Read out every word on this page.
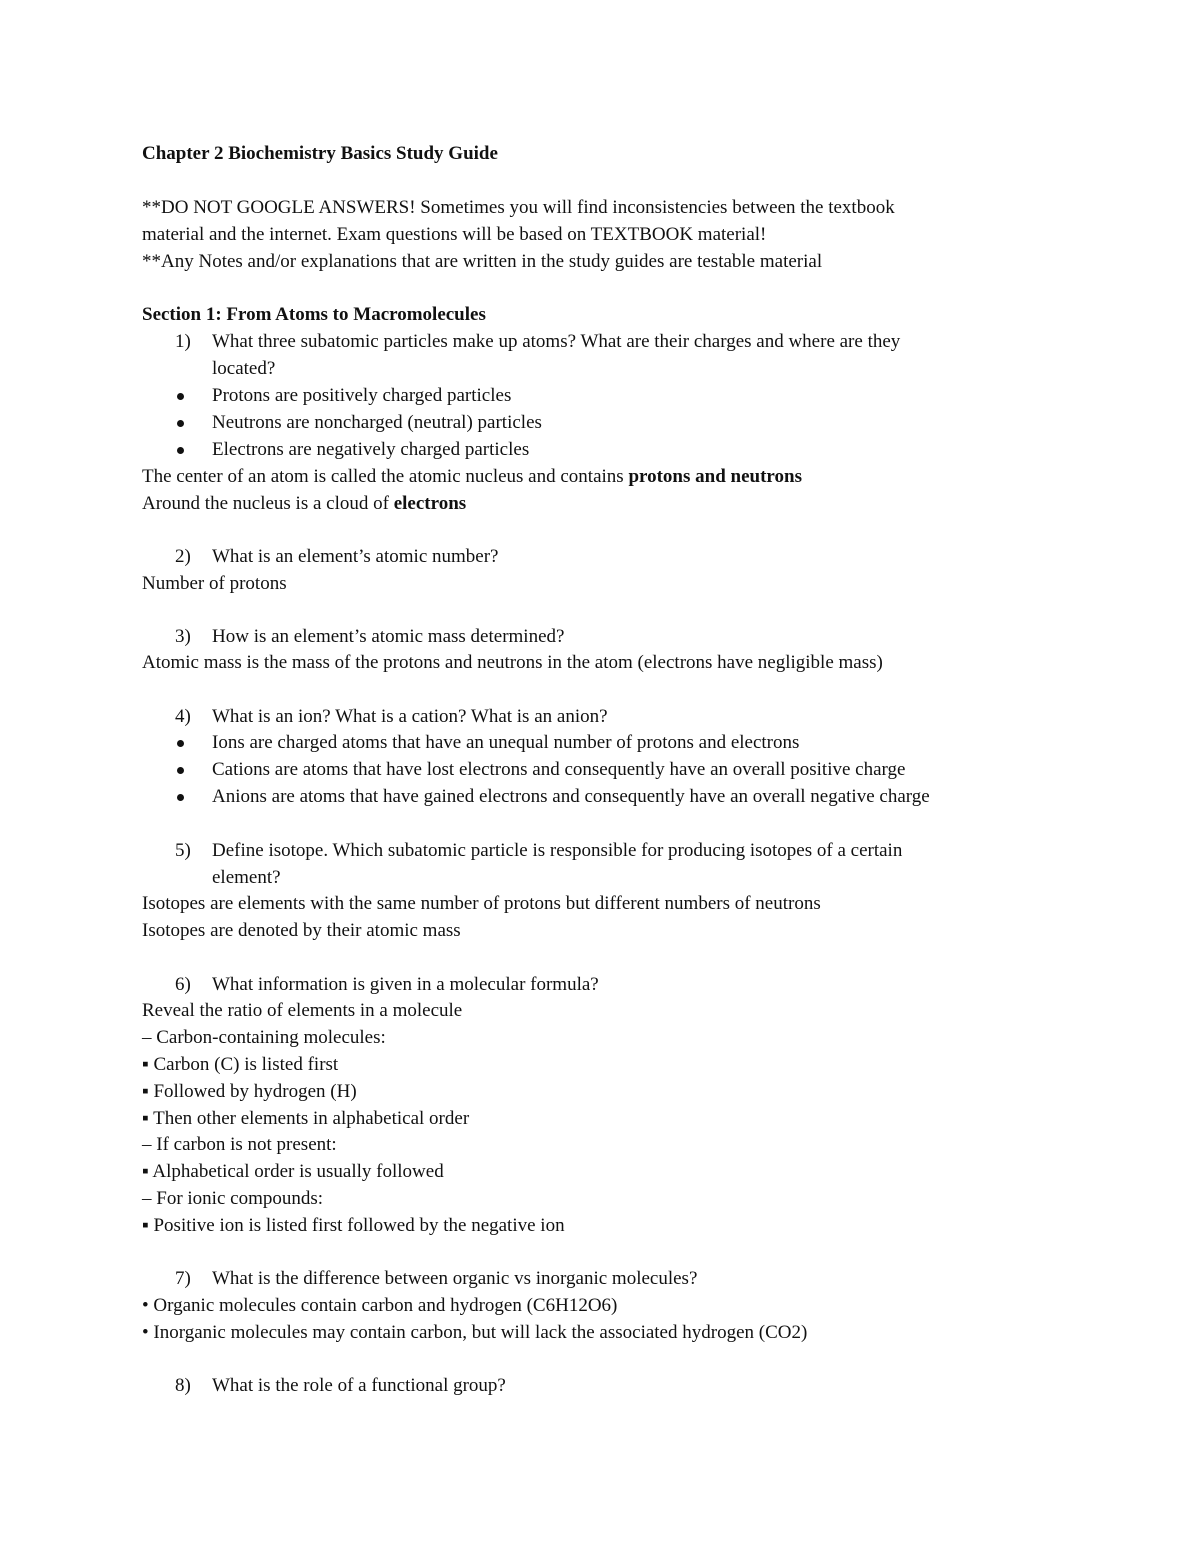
Chapter 2 Biochemistry Basics Study Guide
**DO NOT GOOGLE ANSWERS! Sometimes you will find inconsistencies between the textbook
material and the internet. Exam questions will be based on TEXTBOOK material!
**Any Notes and/or explanations that are written in the study guides are testable material
Section 1: From Atoms to Macromolecules
1) What three subatomic particles make up atoms? What are their charges and where are they
located?
Protons are positively charged particles
Neutrons are noncharged (neutral) particles
Electrons are negatively charged particles
The center of an atom is called the atomic nucleus and contains protons and neutrons
Around the nucleus is a cloud of electrons
2) What is an element’s atomic number?
Number of protons
3) How is an element’s atomic mass determined?
Atomic mass is the mass of the protons and neutrons in the atom (electrons have negligible mass)
4) What is an ion? What is a cation? What is an anion?
Ions are charged atoms that have an unequal number of protons and electrons
Cations are atoms that have lost electrons and consequently have an overall positive charge
Anions are atoms that have gained electrons and consequently have an overall negative charge
5) Define isotope. Which subatomic particle is responsible for producing isotopes of a certain
element?
Isotopes are elements with the same number of protons but different numbers of neutrons
Isotopes are denoted by their atomic mass
6) What information is given in a molecular formula?
Reveal the ratio of elements in a molecule
– Carbon-containing molecules:
▪ Carbon (C) is listed first
▪ Followed by hydrogen (H)
▪ Then other elements in alphabetical order
– If carbon is not present:
▪ Alphabetical order is usually followed
– For ionic compounds:
▪ Positive ion is listed first followed by the negative ion
7) What is the difference between organic vs inorganic molecules?
• Organic molecules contain carbon and hydrogen (C6H12O6)
• Inorganic molecules may contain carbon, but will lack the associated hydrogen (CO2)
8) What is the role of a functional group?
